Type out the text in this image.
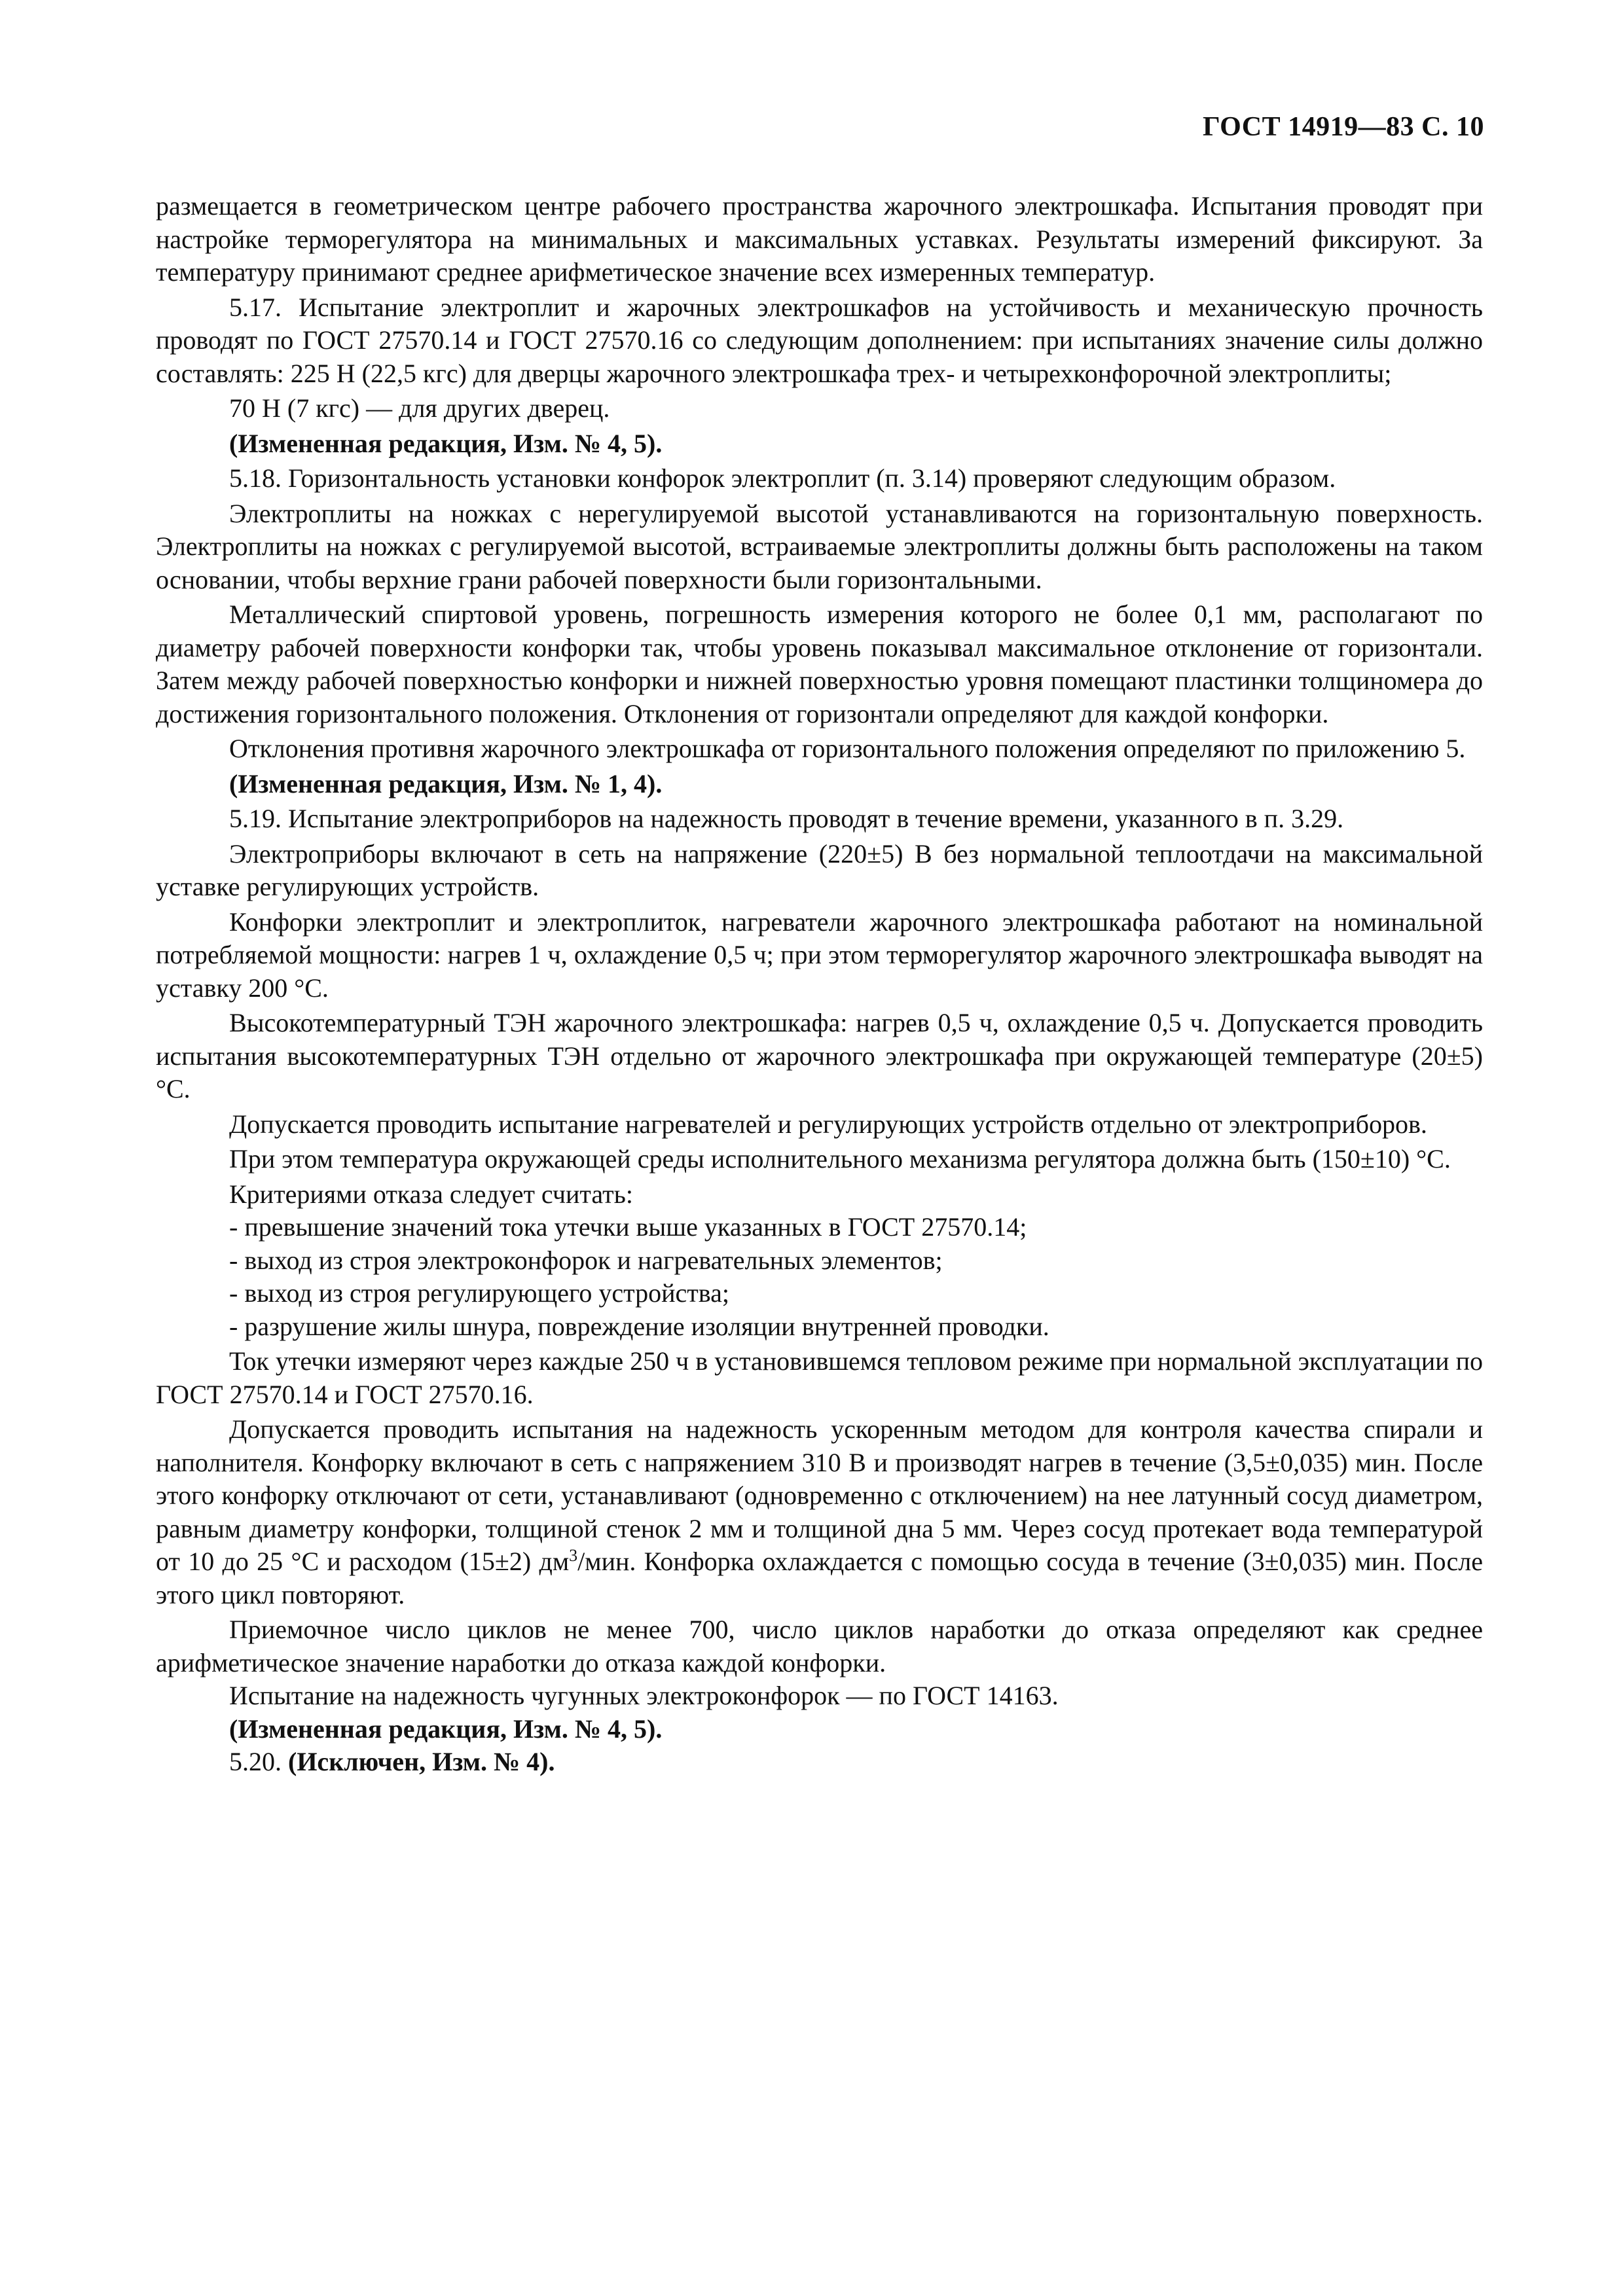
ГОСТ 14919—83 С. 10

размещается в геометрическом центре рабочего пространства жарочного электрошкафа. Испытания проводят при настройке терморегулятора на минимальных и максимальных уставках. Результаты измерений фиксируют. За температуру принимают среднее арифметическое значение всех измеренных температур.

5.17. Испытание электроплит и жарочных электрошкафов на устойчивость и механическую прочность проводят по ГОСТ 27570.14 и ГОСТ 27570.16 со следующим дополнением: при испытаниях значение силы должно составлять: 225 Н (22,5 кгс) для дверцы жарочного электрошкафа трех- и четырехконфорочной электроплиты;

70 Н (7 кгс) — для других дверец.

(Измененная редакция, Изм. № 4, 5).

5.18. Горизонтальность установки конфорок электроплит (п. 3.14) проверяют следующим образом.

Электроплиты на ножках с нерегулируемой высотой устанавливаются на горизонтальную поверхность. Электроплиты на ножках с регулируемой высотой, встраиваемые электроплиты должны быть расположены на таком основании, чтобы верхние грани рабочей поверхности были горизонтальными.

Металлический спиртовой уровень, погрешность измерения которого не более 0,1 мм, располагают по диаметру рабочей поверхности конфорки так, чтобы уровень показывал максимальное отклонение от горизонтали. Затем между рабочей поверхностью конфорки и нижней поверхностью уровня помещают пластинки толщиномера до достижения горизонтального положения. Отклонения от горизонтали определяют для каждой конфорки.

Отклонения противня жарочного электрошкафа от горизонтального положения определяют по приложению 5.

(Измененная редакция, Изм. № 1, 4).

5.19. Испытание электроприборов на надежность проводят в течение времени, указанного в п. 3.29.

Электроприборы включают в сеть на напряжение (220±5) В без нормальной теплоотдачи на максимальной уставке регулирующих устройств.

Конфорки электроплит и электроплиток, нагреватели жарочного электрошкафа работают на номинальной потребляемой мощности: нагрев 1 ч, охлаждение 0,5 ч; при этом терморегулятор жарочного электрошкафа выводят на уставку 200 °С.

Высокотемпературный ТЭН жарочного электрошкафа: нагрев 0,5 ч, охлаждение 0,5 ч. Допускается проводить испытания высокотемпературных ТЭН отдельно от жарочного электрошкафа при окружающей температуре (20±5) °С.

Допускается проводить испытание нагревателей и регулирующих устройств отдельно от электроприборов.

При этом температура окружающей среды исполнительного механизма регулятора должна быть (150±10) °С.

Критериями отказа следует считать:

- превышение значений тока утечки выше указанных в ГОСТ 27570.14;

- выход из строя электроконфорок и нагревательных элементов;

- выход из строя регулирующего устройства;

- разрушение жилы шнура, повреждение изоляции внутренней проводки.

Ток утечки измеряют через каждые 250 ч в установившемся тепловом режиме при нормальной эксплуатации по ГОСТ 27570.14 и ГОСТ 27570.16.

Допускается проводить испытания на надежность ускоренным методом для контроля качества спирали и наполнителя. Конфорку включают в сеть с напряжением 310 В и производят нагрев в течение (3,5±0,035) мин. После этого конфорку отключают от сети, устанавливают (одновременно с отключением) на нее латунный сосуд диаметром, равным диаметру конфорки, толщиной стенок 2 мм и толщиной дна 5 мм. Через сосуд протекает вода температурой от 10 до 25 °С и расходом (15±2) $дм^3$/мин. Конфорка охлаждается с помощью сосуда в течение (3±0,035) мин. После этого цикл повторяют.

Приемочное число циклов не менее 700, число циклов наработки до отказа определяют как среднее арифметическое значение наработки до отказа каждой конфорки.

Испытание на надежность чугунных электроконфорок — по ГОСТ 14163.

(Измененная редакция, Изм. № 4, 5).

5.20. (Исключен, Изм. № 4).
